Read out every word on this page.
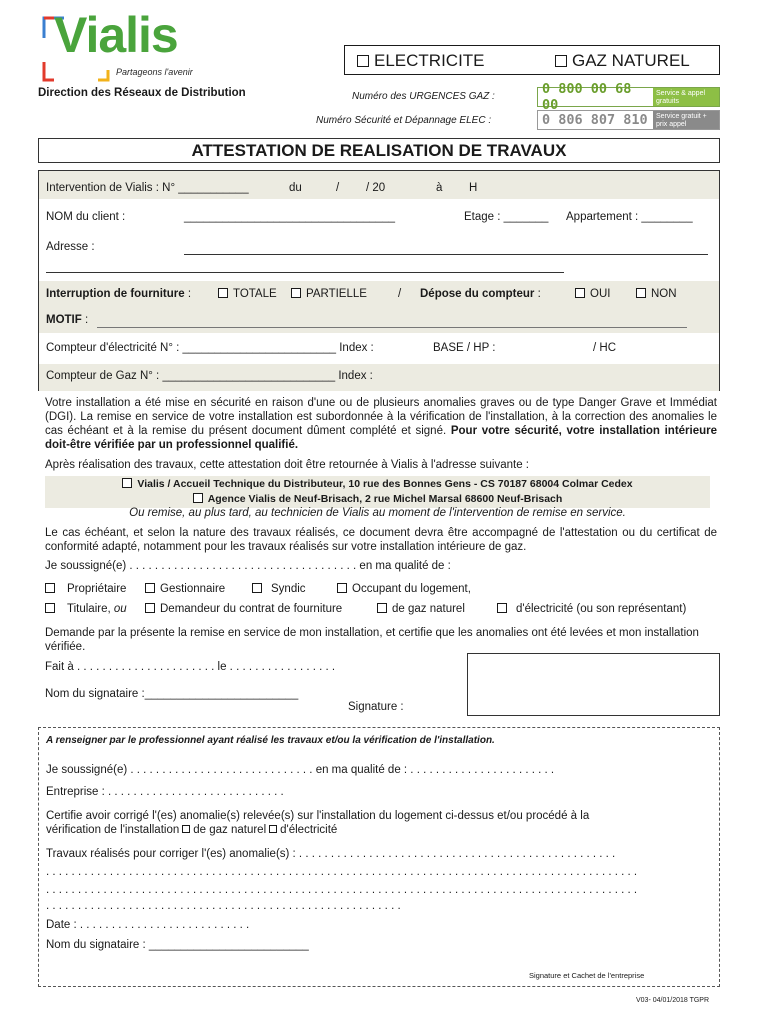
Vialis
Partageons l'avenir
Direction des Réseaux de Distribution
ELECTRICITE	GAZ NATUREL
Numéro des URGENCES GAZ :	0 800 00 68 00
Service & appel gratuits
Numéro Sécurité et Dépannage ELEC :	0 806 807 810	Service gratuit + prix appel
ATTESTATION DE REALISATION DE TRAVAUX
Intervention de Vialis : N° ___________	du	/ / 20	à H
NOM du client :	_________________________________	Etage : _______ Appartement : ________
Adresse :
Interruption de fourniture :	TOTALE	PARTIELLE	/ Dépose du compteur :	OUI	NON
MOTIF :
Compteur d'électricité N° : ________________________ Index :	BASE / HP :	/ HC
Compteur de Gaz N° : ___________________________ Index :

Votre installation a été mise en sécurité en raison d'une ou de plusieurs anomalies graves ou de type Danger Grave et Immédiat (DGI). La remise en service de votre installation est subordonnée à la vérification de l'installation, à la correction des anomalies le cas échéant et à la remise du présent document dûment complété et signé. Pour votre sécurité, votre installation intérieure doit-être vérifiée par un professionnel qualifié.

Après réalisation des travaux, cette attestation doit être retournée à Vialis à l'adresse suivante :

Vialis / Accueil Technique du Distributeur, 10 rue des Bonnes Gens - CS 70187 68004 Colmar Cedex
Agence Vialis de Neuf-Brisach, 2 rue Michel Marsal 68600 Neuf-Brisach
Ou remise, au plus tard, au technicien de Vialis au moment de l'intervention de remise en service.

Le cas échéant, et selon la nature des travaux réalisés, ce document devra être accompagné de l'attestation ou du certificat de conformité adapté, notamment pour les travaux réalisés sur votre installation intérieure de gaz.

Je soussigné(e) . . . . . . . . . . . . . . . . . . . . . . . . . . . . . . . . . . . . en ma qualité de :
Propriétaire	Gestionnaire	Syndic	Occupant du logement,
Titulaire, ou	Demandeur du contrat de fourniture	de gaz naturel	d'électricité (ou son représentant)

Demande par la présente la remise en service de mon installation, et certifie que les anomalies ont été levées et mon installation vérifiée.

Fait à . . . . . . . . . . . . . . . . . . . . . . le . . . . . . . . . . . . . . . . .
Nom du signataire :________________________
Signature :
A renseigner par le professionnel ayant réalisé les travaux et/ou la vérification de l'installation.
Je soussigné(e) . . . . . . . . . . . . . . . . . . . . . . . . . . . . . en ma qualité de : . . . . . . . . . . . . . . . . . . . . . . .
Entreprise : . . . . . . . . . . . . . . . . . . . . . . . . . . . .
Certifie avoir corrigé l'(es) anomalie(s) relevée(s) sur l'installation du logement ci-dessus et/ou procédé à la
vérification de l'installation de gaz naturel d'électricité
Travaux réalisés pour corriger l'(es) anomalie(s) : . . . . . . . . . . . . . . . . . . . . . . . . . . . . . . . . . . . . . . . . . . . . . . . . . .
. . . . . . . . . . . . . . . . . . . . . . . . . . . . . . . . . . . . . . . . . . . . . . . . . . . . . . . . . . . . . . . . . . . . . . . . . . . . . . . . . . . . . . . . . . . . .
. . . . . . . . . . . . . . . . . . . . . . . . . . . . . . . . . . . . . . . . . . . . . . . . . . . . . . . . . . . . . . . . . . . . . . . . . . . . . . . . . . . . . . . . . . . . .
. . . . . . . . . . . . . . . . . . . . . . . . . . . . . . . . . . . . . . . . . . . . . . . . . . . . . . . .
Date : . . . . . . . . . . . . . . . . . . . . . . . . . . .
Nom du signataire : _________________________
Signature et Cachet de l'entreprise
V03- 04/01/2018 TGPR
